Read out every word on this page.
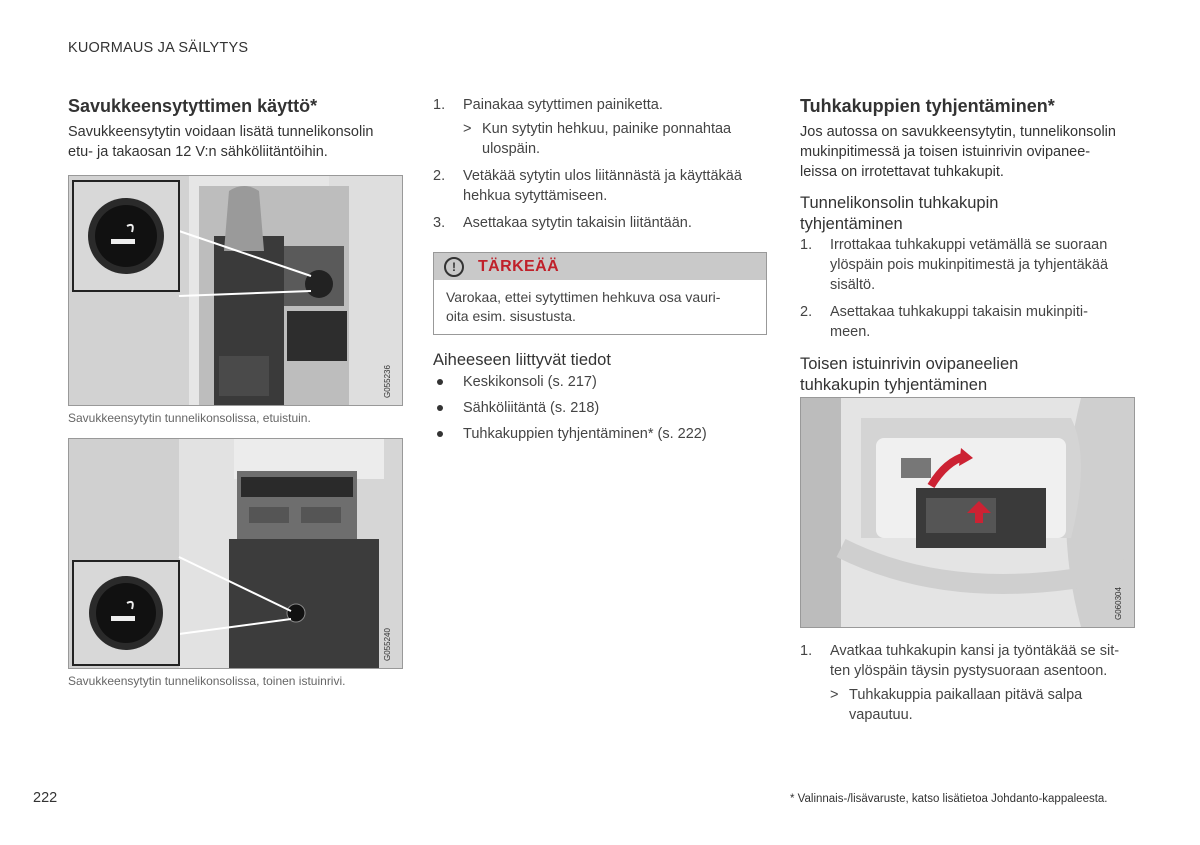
KUORMAUS JA SÄILYTYS
Savukkeensytyttimen käyttö*

Savukkeensytytin voidaan lisätä tunnelikonsolin

etu- ja takaosan 12 V:n sähköliitäntöihin.

G055236
Savukkeensytytin tunnelikonsolissa, etuistuin.
G055240
Savukkeensytytin tunnelikonsolissa, toinen istuinrivi.
1. Painakaa sytyttimen painiketta.
> Kun sytytin hehkuu, painike ponnahtaa
ulospäin.
2. Vetäkää sytytin ulos liitännästä ja käyttäkää
hehkua sytyttämiseen.
3. Asettakaa sytytin takaisin liitäntään.
!	TÄRKEÄÄ
Varokaa, ettei sytyttimen hehkuva osa vauri-
oita esim. sisustusta.
Aiheeseen liittyvät tiedot
Keskikonsoli (s. 217)
Sähköliitäntä (s. 218)
Tuhkakuppien tyhjentäminen* (s. 222)
Tuhkakuppien tyhjentäminen*

Jos autossa on savukkeensytytin, tunnelikonsolin

mukinpitimessä ja toisen istuinrivin ovipanee-

leissa on irrotettavat tuhkakupit.

Tunnelikonsolin tuhkakupin
tyhjentäminen
1. Irrottakaa tuhkakuppi vetämällä se suoraan
ylöspäin pois mukinpitimestä ja tyhjentäkää
sisältö.
2. Asettakaa tuhkakuppi takaisin mukinpiti-
meen.
Toisen istuinrivin ovipaneelien
tuhkakupin tyhjentäminen
G060304
1. Avatkaa tuhkakupin kansi ja työntäkää se sit-
ten ylöspäin täysin pystysuoraan asentoon.
> Tuhkakuppia paikallaan pitävä salpa
vapautuu.
222	* Valinnais-/lisävaruste, katso lisätietoa Johdanto-kappaleesta.
